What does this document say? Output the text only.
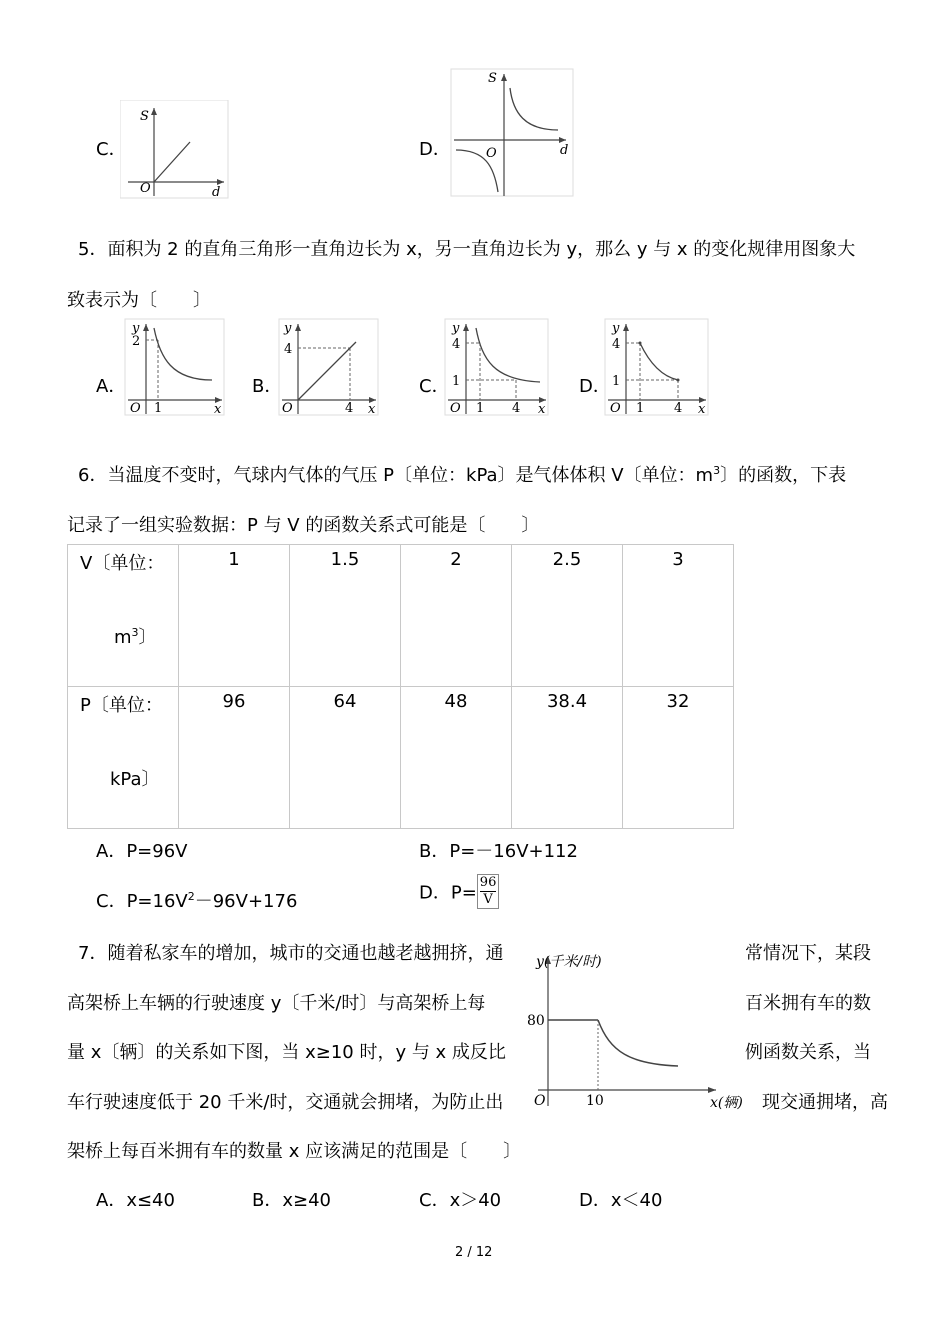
C．
S
O	d
D．
S
O	d
5．面积为 2 的直角三角形一直角边长为 x，另一直角边长为 y，那么 y 与 x 的变化规律用图象大
致表示为〔　　〕
A．
y
2
O 1	x
B．
y
4
O	4 x
C．
y
4
1
O 1 4 x
D．
y
4
1
O 1 4 x
6．当温度不变时，气球内气体的气压 P〔单位：kPa〕是气体体积 V〔单位：$m^3$〕的函数，下表
记录了一组实验数据：P 与 V 的函数关系式可能是〔　　〕
V〔单位：
$m^3$〕	1	1.5	2	2.5	3

P〔单位：
kPa〕	96	64	48	38.4	32
A．P=96V	B．P=－16V+112
C．$P=16V^2-96V+176$	D．$P= \frac{96}{V}$
7．随着私家车的增加，城市的交通也越老越拥挤，通	常情况下，某段
高架桥上车辆的行驶速度 y〔千米/时〕与高架桥上每	百米拥有车的数
量 x〔辆〕的关系如下图，当 x≥10 时，y 与 x 成反比	例函数关系，当
车行驶速度低于 20 千米/时，交通就会拥堵，为防止出	现交通拥堵，高
架桥上每百米拥有车的数量 x 应该满足的范围是〔　　〕
y(千米/时)
80
O	10	x(辆)
A．x≤40	B．x≥40	C．x＞40	D．x＜40
2 / 12
